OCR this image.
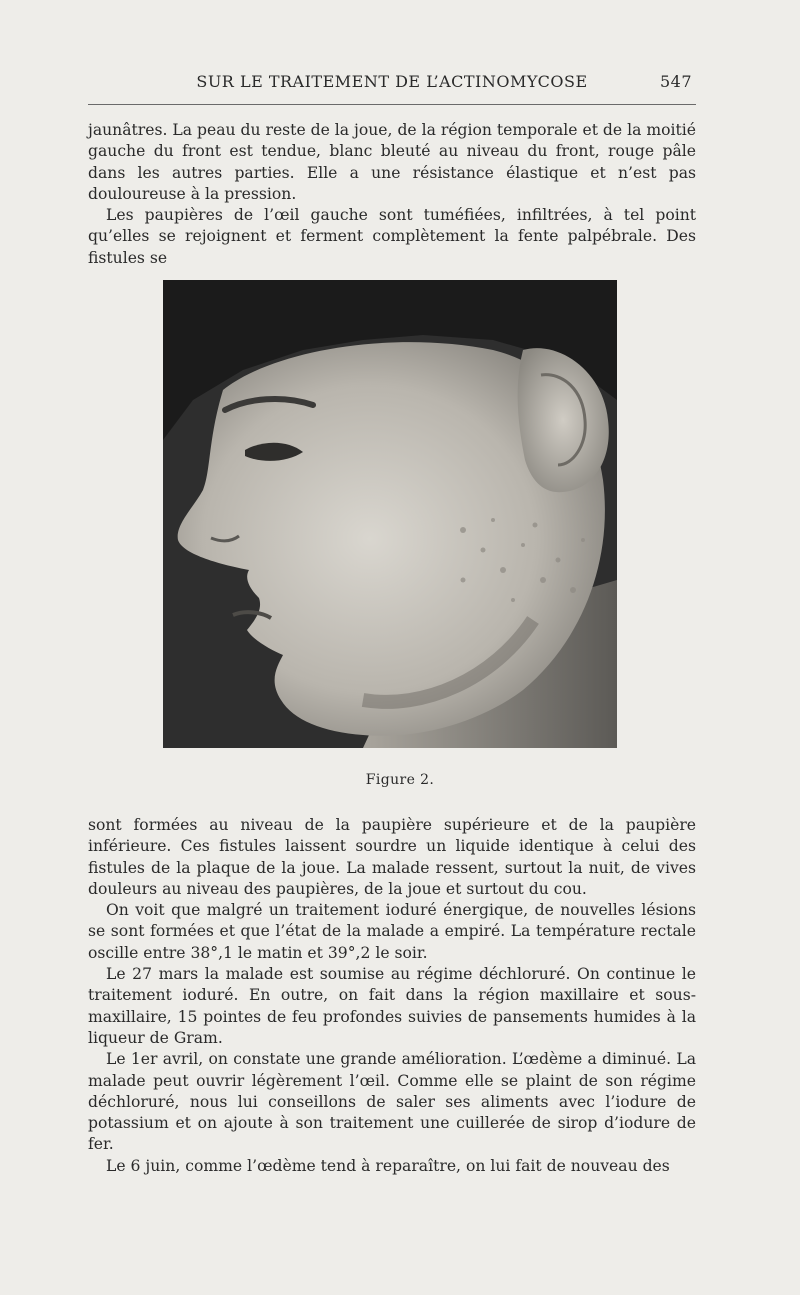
SUR LE TRAITEMENT DE L’ACTINOMYCOSE	547

jaunâtres. La peau du reste de la joue, de la région temporale et de la moitié gauche du front est tendue, blanc bleuté au niveau du front, rouge pâle dans les autres parties. Elle a une résistance élastique et n’est pas douloureuse à la pression.

Les paupières de l’œil gauche sont tuméfiées, infiltrées, à tel point qu’elles se rejoignent et ferment complètement la fente palpébrale. Des fistules se

Figure 2.

sont formées au niveau de la paupière supérieure et de la paupière inférieure. Ces fistules laissent sourdre un liquide identique à celui des fistules de la plaque de la joue. La malade ressent, surtout la nuit, de vives douleurs au niveau des paupières, de la joue et surtout du cou.

On voit que malgré un traitement ioduré énergique, de nouvelles lésions se sont formées et que l’état de la malade a empiré. La température rectale oscille entre 38°,1 le matin et 39°,2 le soir.

Le 27 mars la malade est soumise au régime déchloruré. On continue le traitement ioduré. En outre, on fait dans la région maxillaire et sous-maxillaire, 15 pointes de feu profondes suivies de pansements humides à la liqueur de Gram.

Le 1er avril, on constate une grande amélioration. L’œdème a diminué. La malade peut ouvrir légèrement l’œil. Comme elle se plaint de son régime déchloruré, nous lui conseillons de saler ses aliments avec l’iodure de potassium et on ajoute à son traitement une cuillerée de sirop d’iodure de fer.

Le 6 juin, comme l’œdème tend à reparaître, on lui fait de nouveau des
